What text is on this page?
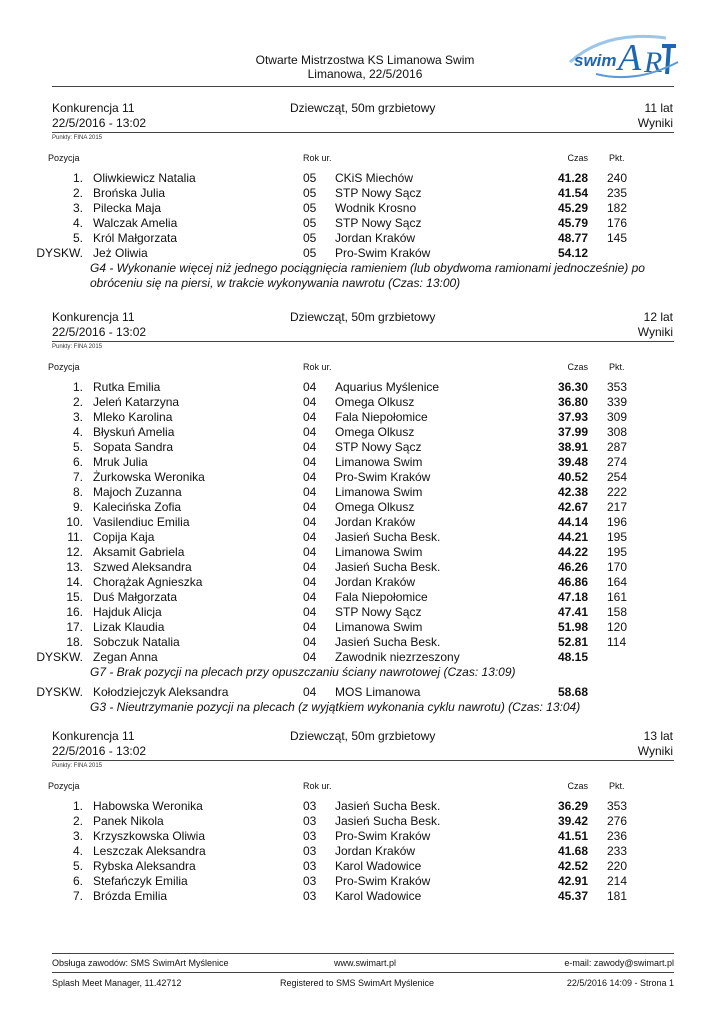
Otwarte Mistrzostwa KS Limanowa Swim
Limanowa, 22/5/2016
swim A R
Konkurencja 11
22/5/2016 - 13:02
Dziewcząt, 50m grzbietowy	11 lat
Wyniki
Punkty: FINA 2015
Pozycja	Rok ur.	Czas Pkt.
1. Oliwkiewicz Natalia	05 CKiS Miechów	41.28 240
2. Brońska Julia	05 STP Nowy Sącz	41.54 235
3. Pilecka Maja	05 Wodnik Krosno	45.29 182
4. Walczak Amelia	05 STP Nowy Sącz	45.79 176
5. Król Małgorzata	05 Jordan Kraków	48.77 145
DYSKW. Jeż Oliwia	05 Pro-Swim Kraków	54.12
G4 - Wykonanie więcej niż jednego pociągnięcia ramieniem (lub obydwoma ramionami jednocześnie) po obróceniu się na piersi, w trakcie wykonywania nawrotu (Czas: 13:00)
Konkurencja 11
22/5/2016 - 13:02
Dziewcząt, 50m grzbietowy	12 lat
Wyniki
Punkty: FINA 2015
Pozycja	Rok ur.	Czas Pkt.
1. Rutka Emilia	04 Aquarius Myślenice	36.30 353
2. Jeleń Katarzyna	04 Omega Olkusz	36.80 339
3. Mleko Karolina	04 Fala Niepołomice	37.93 309
4. Błyskuń Amelia	04 Omega Olkusz	37.99 308
5. Sopata Sandra	04 STP Nowy Sącz	38.91 287
6. Mruk Julia	04 Limanowa Swim	39.48 274
7. Żurkowska Weronika	04 Pro-Swim Kraków	40.52 254
8. Majoch Zuzanna	04 Limanowa Swim	42.38 222
9. Kalecińska Zofia	04 Omega Olkusz	42.67 217
10. Vasilendiuc Emilia	04 Jordan Kraków	44.14 196
11. Copija Kaja	04 Jasień Sucha Besk.	44.21 195
12. Aksamit Gabriela	04 Limanowa Swim	44.22 195
13. Szwed Aleksandra	04 Jasień Sucha Besk.	46.26 170
14. Chorążak Agnieszka	04 Jordan Kraków	46.86 164
15. Duś Małgorzata	04 Fala Niepołomice	47.18 161
16. Hajduk Alicja	04 STP Nowy Sącz	47.41 158
17. Lizak Klaudia	04 Limanowa Swim	51.98 120
18. Sobczuk Natalia	04 Jasień Sucha Besk.	52.81 114
DYSKW. Zegan Anna	04 Zawodnik niezrzeszony	48.15
G7 - Brak pozycji na plecach przy opuszczaniu ściany nawrotowej (Czas: 13:09)
DYSKW. Kołodziejczyk Aleksandra	04 MOS Limanowa	58.68
G3 - Nieutrzymanie pozycji na plecach (z wyjątkiem wykonania cyklu nawrotu) (Czas: 13:04)
Konkurencja 11
22/5/2016 - 13:02
Dziewcząt, 50m grzbietowy	13 lat
Wyniki
Punkty: FINA 2015
Pozycja	Rok ur.	Czas Pkt.
1. Habowska Weronika	03 Jasień Sucha Besk.	36.29 353
2. Panek Nikola	03 Jasień Sucha Besk.	39.42 276
3. Krzyszkowska Oliwia	03 Pro-Swim Kraków	41.51 236
4. Leszczak Aleksandra	03 Jordan Kraków	41.68 233
5. Rybska Aleksandra	03 Karol Wadowice	42.52 220
6. Stefańczyk Emilia	03 Pro-Swim Kraków	42.91 214
7. Brózda Emilia	03 Karol Wadowice	45.37 181
Obsługa zawodów: SMS SwimArt Myślenice	www.swimart.pl	e-mail: zawody@swimart.pl
Splash Meet Manager, 11.42712	Registered to SMS SwimArt Myślenice	22/5/2016 14:09 - Strona 1
